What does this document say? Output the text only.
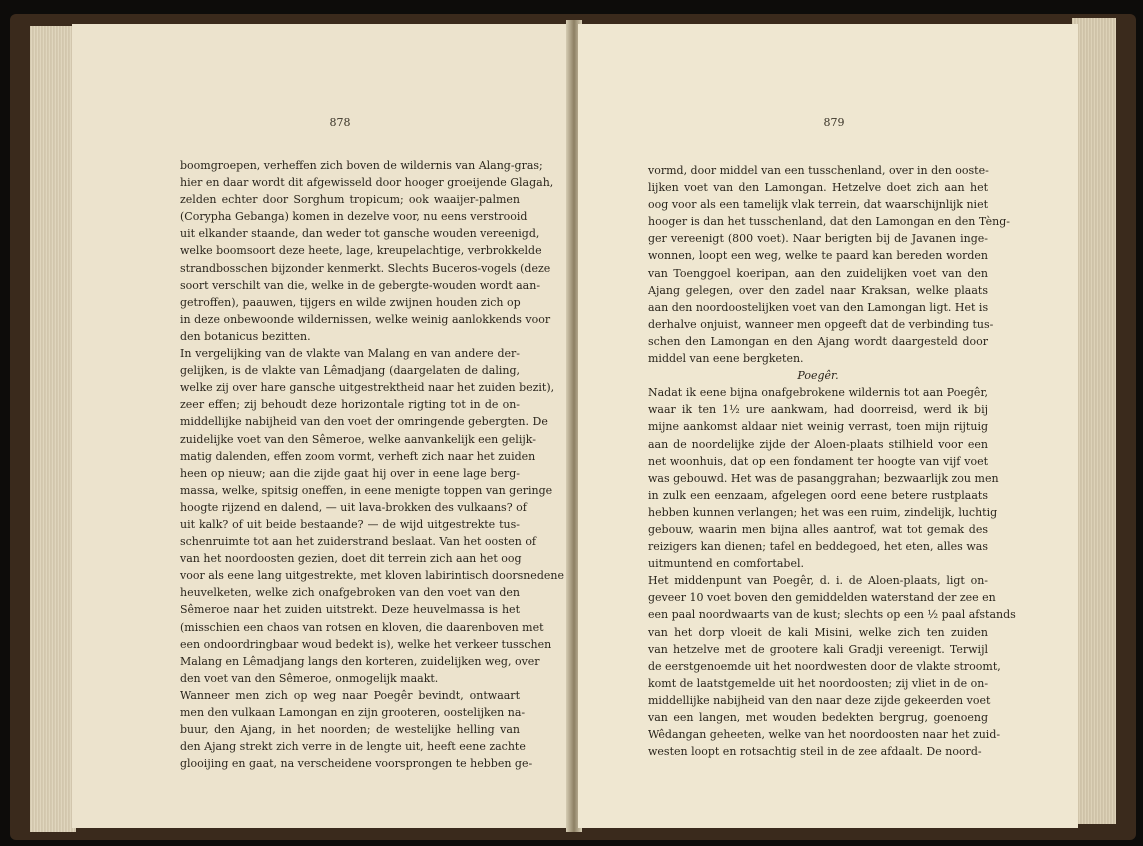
878
boomgroepen, verheffen zich boven de wildernis van Alang-gras;
hier en daar wordt dit afgewisseld door hooger groeijende Glagah,
zelden echter door Sorghum tropicum; ook waaijer-palmen
(Corypha Gebanga) komen in dezelve voor, nu eens verstrooid
uit elkander staande, dan weder tot gansche wouden vereenigd,
welke boomsoort deze heete, lage, kreupelachtige, verbrokkelde
strandbosschen bijzonder kenmerkt. Slechts Buceros-vogels (deze
soort verschilt van die, welke in de gebergte-wouden wordt aan-
getroffen), paauwen, tijgers en wilde zwijnen houden zich op
in deze onbewoonde wildernissen, welke weinig aanlokkends voor
den botanicus bezitten.
In vergelijking van de vlakte van Malang en van andere der-
gelijken, is de vlakte van Lêmadjang (daargelaten de daling,
welke zij over hare gansche uitgestrektheid naar het zuiden bezit),
zeer effen; zij behoudt deze horizontale rigting tot in de on-
middellijke nabijheid van den voet der omringende gebergten. De
zuidelijke voet van den Sêmeroe, welke aanvankelijk een gelijk-
matig dalenden, effen zoom vormt, verheft zich naar het zuiden
heen op nieuw; aan die zijde gaat hij over in eene lage berg-
massa, welke, spitsig oneffen, in eene menigte toppen van geringe
hoogte rijzend en dalend, — uit lava-brokken des vulkaans? of
uit kalk? of uit beide bestaande? — de wijd uitgestrekte tus-
schenruimte tot aan het zuiderstrand beslaat. Van het oosten of
van het noordoosten gezien, doet dit terrein zich aan het oog
voor als eene lang uitgestrekte, met kloven labirintisch doorsnedene
heuvelketen, welke zich onafgebroken van den voet van den
Sêmeroe naar het zuiden uitstrekt. Deze heuvelmassa is het
(misschien een chaos van rotsen en kloven, die daarenboven met
een ondoordringbaar woud bedekt is), welke het verkeer tusschen
Malang en Lêmadjang langs den korteren, zuidelijken weg, over
den voet van den Sêmeroe, onmogelijk maakt.
Wanneer men zich op weg naar Poegêr bevindt, ontwaart
men den vulkaan Lamongan en zijn grooteren, oostelijken na-
buur, den Ajang, in het noorden; de westelijke helling van
den Ajang strekt zich verre in de lengte uit, heeft eene zachte
glooijing en gaat, na verscheidene voorsprongen te hebben ge-
879
vormd, door middel van een tusschenland, over in den ooste-
lijken voet van den Lamongan. Hetzelve doet zich aan het
oog voor als een tamelijk vlak terrein, dat waarschijnlijk niet
hooger is dan het tusschenland, dat den Lamongan en den Tèng-
ger vereenigt (800 voet). Naar berigten bij de Javanen inge-
wonnen, loopt een weg, welke te paard kan bereden worden
van Toenggoel koeripan, aan den zuidelijken voet van den
Ajang gelegen, over den zadel naar Kraksan, welke plaats
aan den noordoostelijken voet van den Lamongan ligt. Het is
derhalve onjuist, wanneer men opgeeft dat de verbinding tus-
schen den Lamongan en den Ajang wordt daargesteld door
middel van eene bergketen.
Poegêr.
Nadat ik eene bijna onafgebrokene wildernis tot aan Poegêr,
waar ik ten 1½ ure aankwam, had doorreisd, werd ik bij
mijne aankomst aldaar niet weinig verrast, toen mijn rijtuig
aan de noordelijke zijde der Aloen-plaats stilhield voor een
net woonhuis, dat op een fondament ter hoogte van vijf voet
was gebouwd. Het was de pasanggrahan; bezwaarlijk zou men
in zulk een eenzaam, afgelegen oord eene betere rustplaats
hebben kunnen verlangen; het was een ruim, zindelijk, luchtig
gebouw, waarin men bijna alles aantrof, wat tot gemak des
reizigers kan dienen; tafel en beddegoed, het eten, alles was
uitmuntend en comfortabel.
Het middenpunt van Poegêr, d. i. de Aloen-plaats, ligt on-
geveer 10 voet boven den gemiddelden waterstand der zee en
een paal noordwaarts van de kust; slechts op een ½ paal afstands
van het dorp vloeit de kali Misini, welke zich ten zuiden
van hetzelve met de grootere kali Gradji vereenigt. Terwijl
de eerstgenoemde uit het noordwesten door de vlakte stroomt,
komt de laatstgemelde uit het noordoosten; zij vliet in de on-
middellijke nabijheid van den naar deze zijde gekeerden voet
van een langen, met wouden bedekten bergrug, goenoeng
Wêdangan geheeten, welke van het noordoosten naar het zuid-
westen loopt en rotsachtig steil in de zee afdaalt. De noord-
